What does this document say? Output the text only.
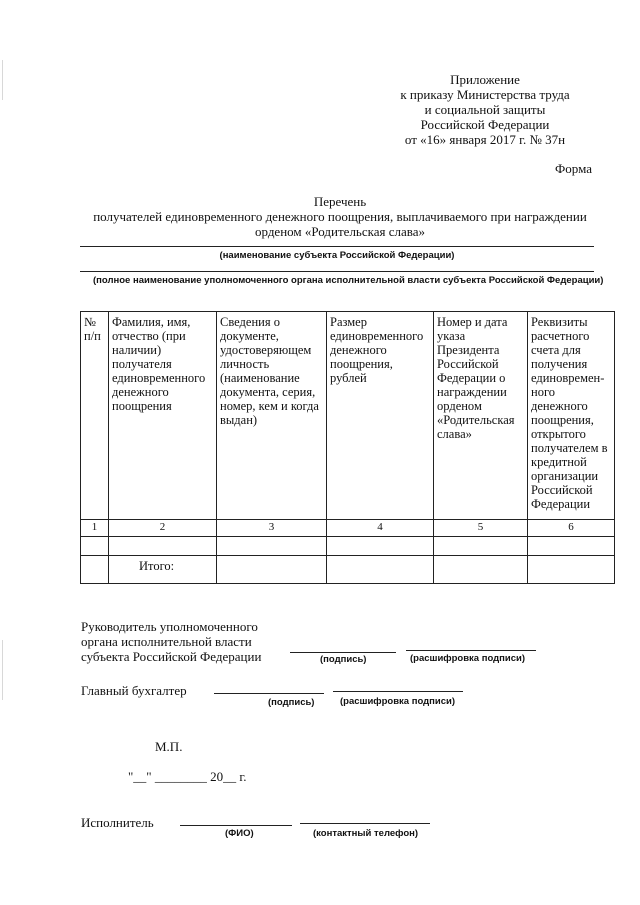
Приложение
к приказу Министерства труда
и социальной защиты
Российской Федерации
от «16» января 2017 г. № 37н
Форма
Перечень
получателей единовременного денежного поощрения, выплачиваемого при награждении
орденом «Родительская слава»
(наименование субъекта Российской Федерации)
(полное наименование уполномоченного органа исполнительной власти субъекта Российской Федерации)
№ п/п	Фамилия, имя, отчество (при наличии) получателя единовременного денежного поощрения	Сведения о документе, удостоверяющем личность (наименование документа, серия, номер, кем и когда выдан)	Размер единовременного денежного поощрения, рублей	Номер и дата указа Президента Российской Федерации о награждении орденом «Родительская слава»	Реквизиты расчетного счета для получения единовремен-ного денежного поощрения, открытого получателем в кредитной организации Российской Федерации
1	2	3	4	5	6

	Итого:				
Руководитель уполномоченного
органа исполнительной власти
субъекта Российской Федерации	(подпись)	(расшифровка подписи)
Главный бухгалтер
(подпись)	(расшифровка подписи)
М.П.
"__" ________ 20__ г.
Исполнитель
(ФИО)	(контактный телефон)
